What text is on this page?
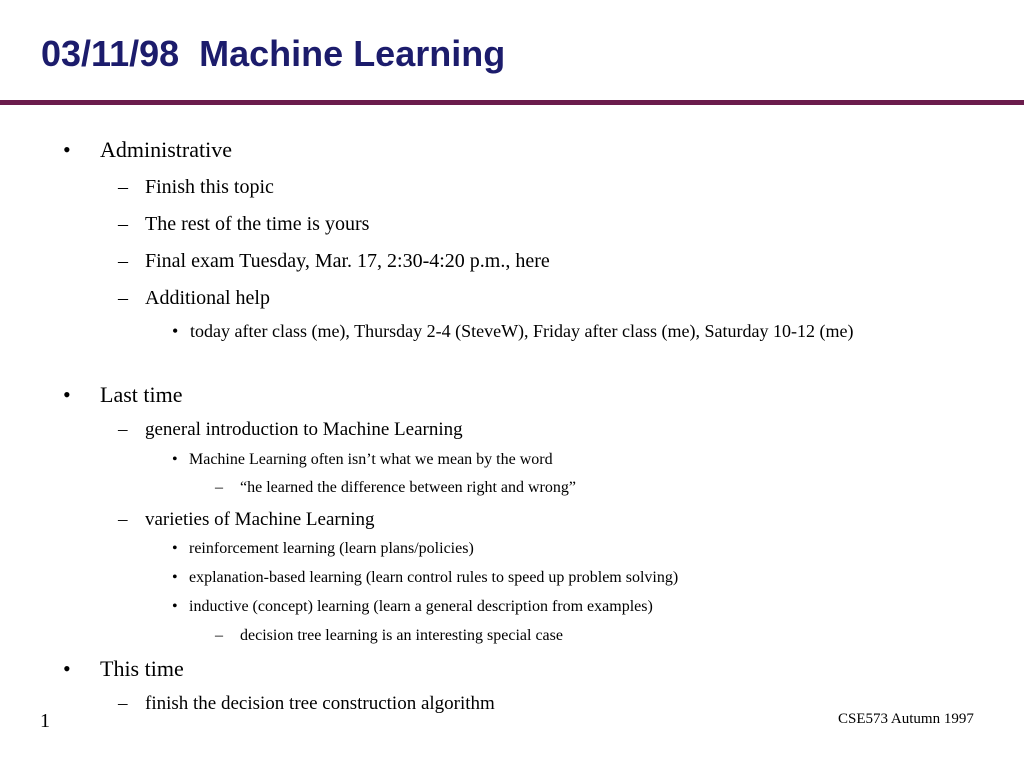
03/11/98  Machine Learning
• Administrative
– Finish this topic
– The rest of the time is yours
– Final exam Tuesday, Mar. 17, 2:30-4:20 p.m., here
– Additional help
• today after class (me), Thursday 2-4 (SteveW), Friday after class (me), Saturday 10-12 (me)
• Last time
– general introduction to Machine Learning
• Machine Learning often isn’t what we mean by the word
– “he learned the difference between right and wrong”
– varieties of Machine Learning
• reinforcement learning (learn plans/policies)
• explanation-based learning (learn control rules to speed up problem solving)
• inductive (concept) learning (learn a general description from examples)
– decision tree learning is an interesting special case
• This time
– finish the decision tree construction algorithm
1	CSE573 Autumn 1997
